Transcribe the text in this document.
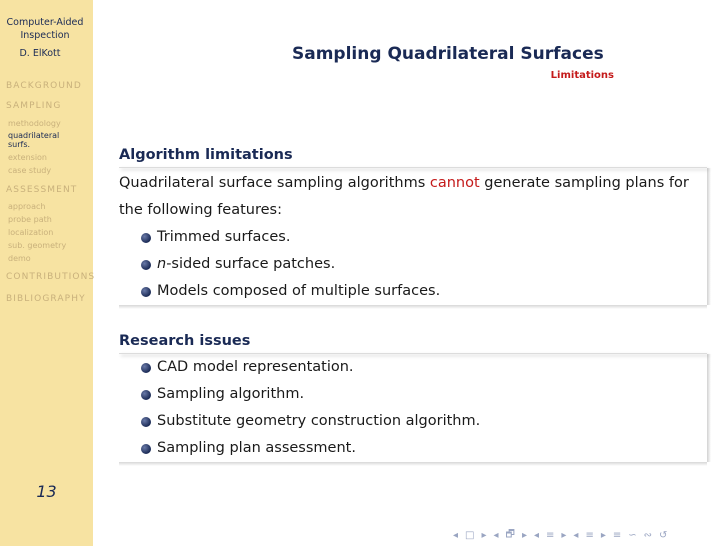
Computer-Aided Inspection
D. ElKott
BACKGROUND
SAMPLING
methodology
quadrilateral surfs.
extension
case study
ASSESSMENT
approach
probe path
localization
sub. geometry
demo
CONTRIBUTIONS
BIBLIOGRAPHY
13
Sampling Quadrilateral Surfaces
Limitations
Algorithm limitations
Quadrilateral surface sampling algorithms cannot generate sampling plans for the following features:
Trimmed surfaces.
n-sided surface patches.
Models composed of multiple surfaces.
Research issues
CAD model representation.
Sampling algorithm.
Substitute geometry construction algorithm.
Sampling plan assessment.
◂ □ ▸ ◂ 🗗 ▸ ◂ ≡ ▸ ◂ ≡ ▸ ≡ ∽ ∾ ↺
